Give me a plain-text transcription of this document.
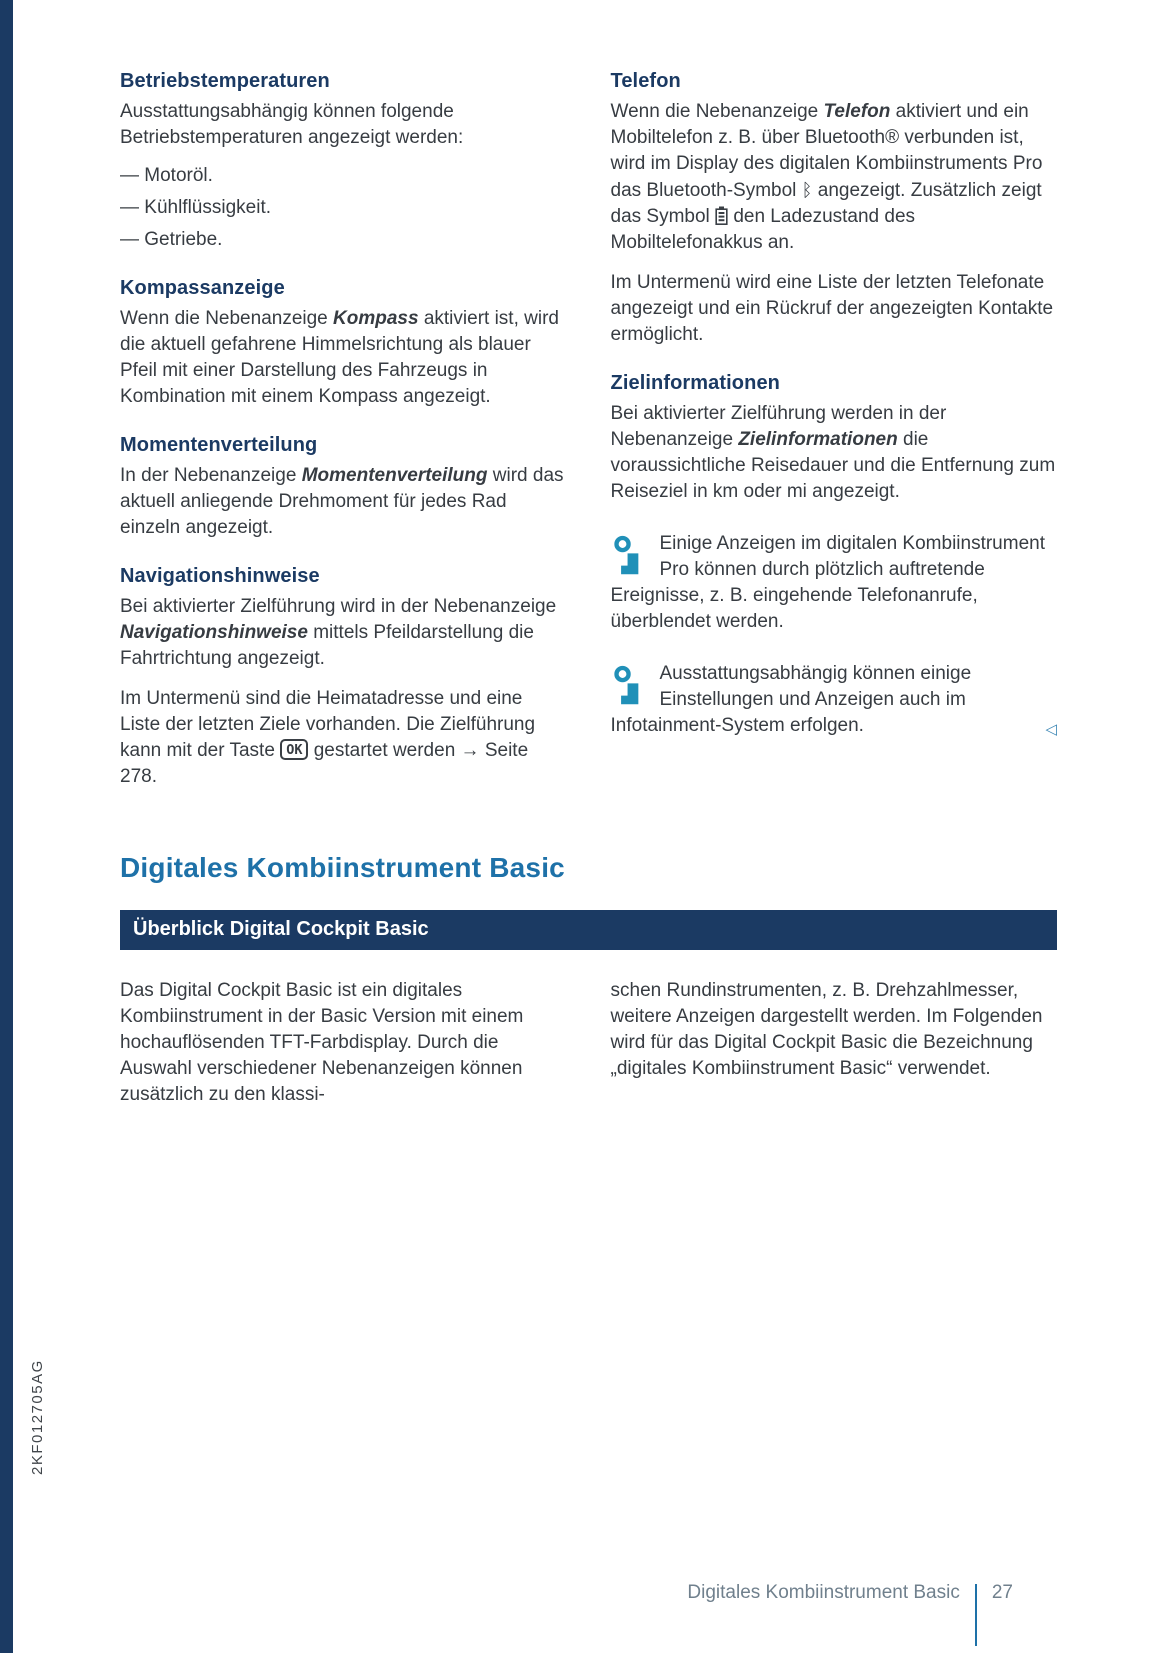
Betriebstemperaturen

Ausstattungsabhängig können folgende Betriebstemperaturen angezeigt werden:

— Motoröl.
— Kühlflüssigkeit.
— Getriebe.
Kompassanzeige

Wenn die Nebenanzeige Kompass aktiviert ist, wird die aktuell gefahrene Himmelsrichtung als blauer Pfeil mit einer Darstellung des Fahrzeugs in Kombination mit einem Kompass angezeigt.

Momentenverteilung

In der Nebenanzeige Momentenverteilung wird das aktuell anliegende Drehmoment für jedes Rad einzeln angezeigt.

Navigationshinweise

Bei aktivierter Zielführung wird in der Nebenanzeige Navigationshinweise mittels Pfeildarstellung die Fahrtrichtung angezeigt.

Im Untermenü sind die Heimatadresse und eine Liste der letzten Ziele vorhanden. Die Zielführung kann mit der Taste OK gestartet werden → Seite 278.

Telefon

Wenn die Nebenanzeige Telefon aktiviert und ein Mobiltelefon z. B. über Bluetooth® verbunden ist, wird im Display des digitalen Kombiinstruments Pro das Bluetooth-Symbol ᛒ angezeigt. Zusätzlich zeigt das Symbol  den Ladezustand des Mobiltelefonakkus an.

Im Untermenü wird eine Liste der letzten Telefonate angezeigt und ein Rückruf der angezeigten Kontakte ermöglicht.

Zielinformationen

Bei aktivierter Zielführung werden in der Nebenanzeige Zielinformationen die voraussichtliche Reisedauer und die Entfernung zum Reiseziel in km oder mi angezeigt.

Einige Anzeigen im digitalen Kombiinstrument Pro können durch plötzlich auftretende Ereignisse, z. B. eingehende Telefonanrufe, überblendet werden.
Ausstattungsabhängig können einige Einstellungen und Anzeigen auch im Infotainment-System erfolgen.	◁
Digitales Kombiinstrument Basic
Überblick Digital Cockpit Basic

Das Digital Cockpit Basic ist ein digitales Kombiinstrument in der Basic Version mit einem hochauflösenden TFT-Farbdisplay. Durch die Auswahl verschiedener Nebenanzeigen können zusätzlich zu den klassi-

schen Rundinstrumenten, z. B. Drehzahlmesser, weitere Anzeigen dargestellt werden. Im Folgenden wird für das Digital Cockpit Basic die Bezeichnung „digitales Kombiinstrument Basic“ verwendet.

2KF012705AG
Digitales Kombiinstrument Basic 27
